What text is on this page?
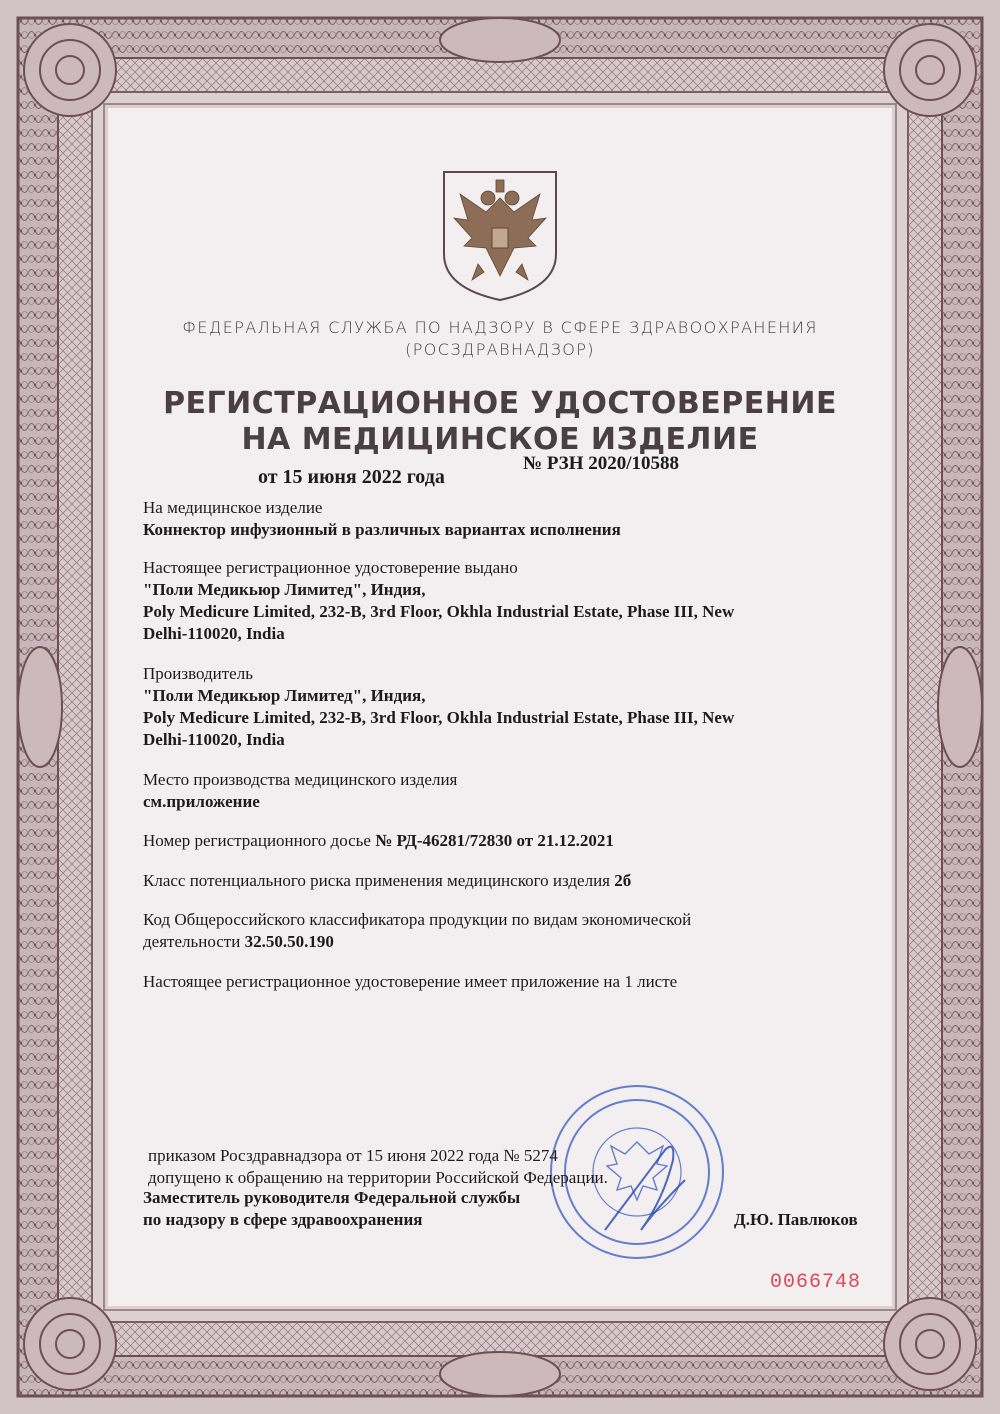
ФЕДЕРАЛЬНАЯ СЛУЖБА ПО НАДЗОРУ В СФЕРЕ ЗДРАВООХРАНЕНИЯ
(РОСЗДРАВНАДЗОР)
РЕГИСТРАЦИОННОЕ УДОСТОВЕРЕНИЕ
НА МЕДИЦИНСКОЕ ИЗДЕЛИЕ
от 15 июня 2022 года
№ РЗН 2020/10588
На медицинское изделие
Коннектор инфузионный в различных вариантах исполнения
Настоящее регистрационное удостоверение выдано
"Поли Медикьюр Лимитед", Индия,
Poly Medicure Limited, 232-B, 3rd Floor, Okhla Industrial Estate, Phase III, New
Delhi-110020, India
Производитель
"Поли Медикьюр Лимитед", Индия,
Poly Medicure Limited, 232-B, 3rd Floor, Okhla Industrial Estate, Phase III, New
Delhi-110020, India
Место производства медицинского изделия
см.приложение
Номер регистрационного досье № РД-46281/72830 от 21.12.2021
Класс потенциального риска применения медицинского изделия 2б
Код Общероссийского классификатора продукции по видам экономической
деятельности 32.50.50.190
Настоящее регистрационное удостоверение имеет приложение на 1 листе
приказом Росздравнадзора от 15 июня 2022 года № 5274
допущено к обращению на территории Российской Федерации.
Заместитель руководителя Федеральной службы
по надзору в сфере здравоохранения	Д.Ю. Павлюков
0066748
